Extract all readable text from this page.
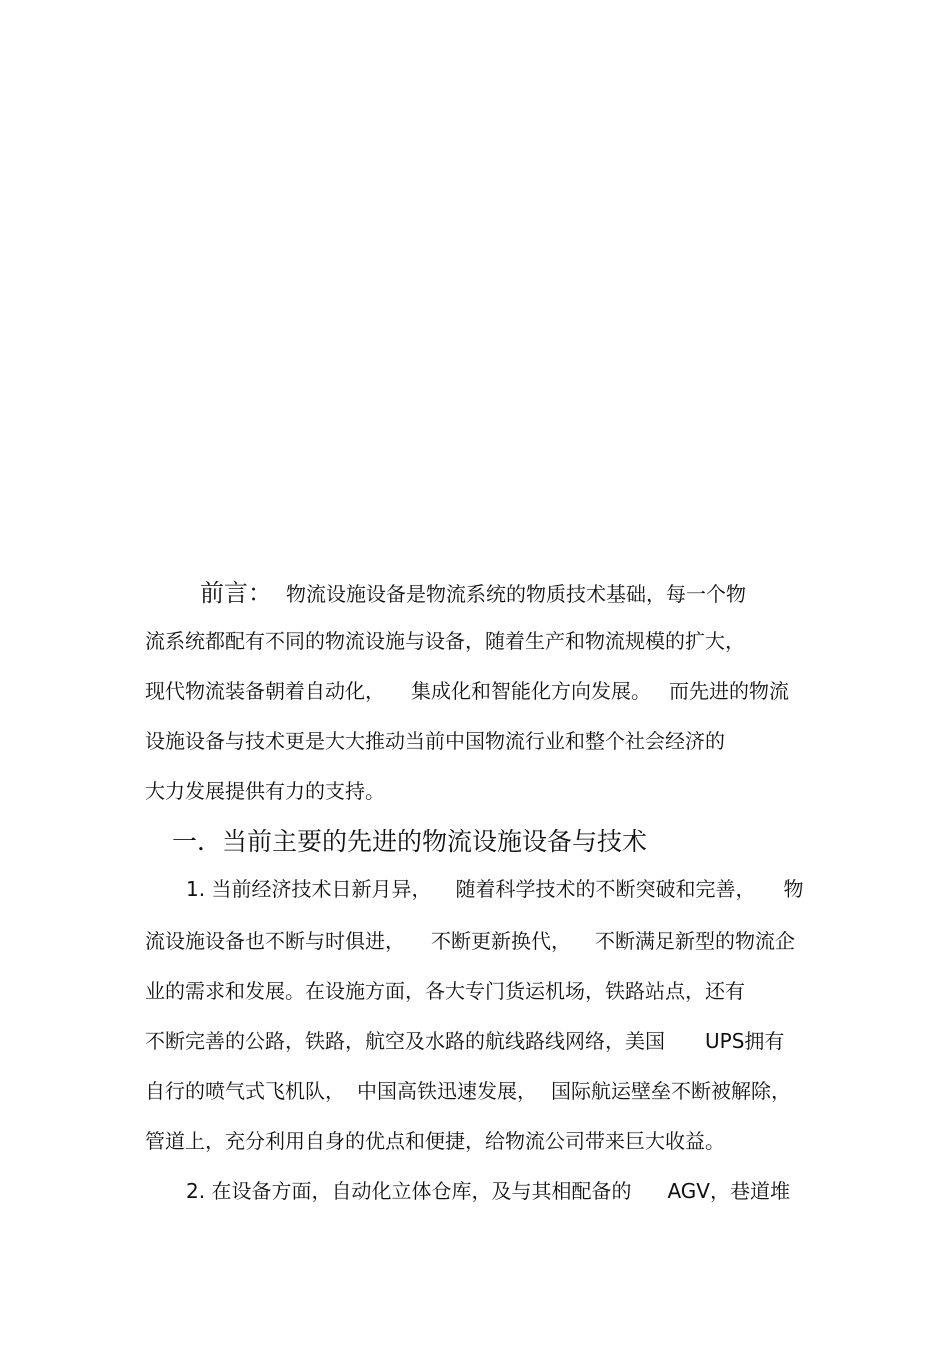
前言： 物流设施设备是物流系统的物质技术基础，每一个物
流系统都配有不同的物流设施与设备，随着生产和物流规模的扩大，
现代物流装备朝着自动化， 集成化和智能化方向发展。 而先进的物流
设施设备与技术更是大大推动当前中国物流行业和整个社会经济的
大力发展提供有力的支持。
一．当前主要的先进的物流设施设备与技术
1. 当前经济技术日新月异， 随着科学技术的不断突破和完善， 物
流设施设备也不断与时俱进， 不断更新换代， 不断满足新型的物流企
业的需求和发展。在设施方面，各大专门货运机场，铁路站点，还有
不断完善的公路，铁路，航空及水路的航线路线网络，美国 UPS拥有
自行的喷气式飞机队， 中国高铁迅速发展， 国际航运壁垒不断被解除，
管道上，充分利用自身的优点和便捷，给物流公司带来巨大收益。
2. 在设备方面，自动化立体仓库，及与其相配备的 AGV，巷道堆
